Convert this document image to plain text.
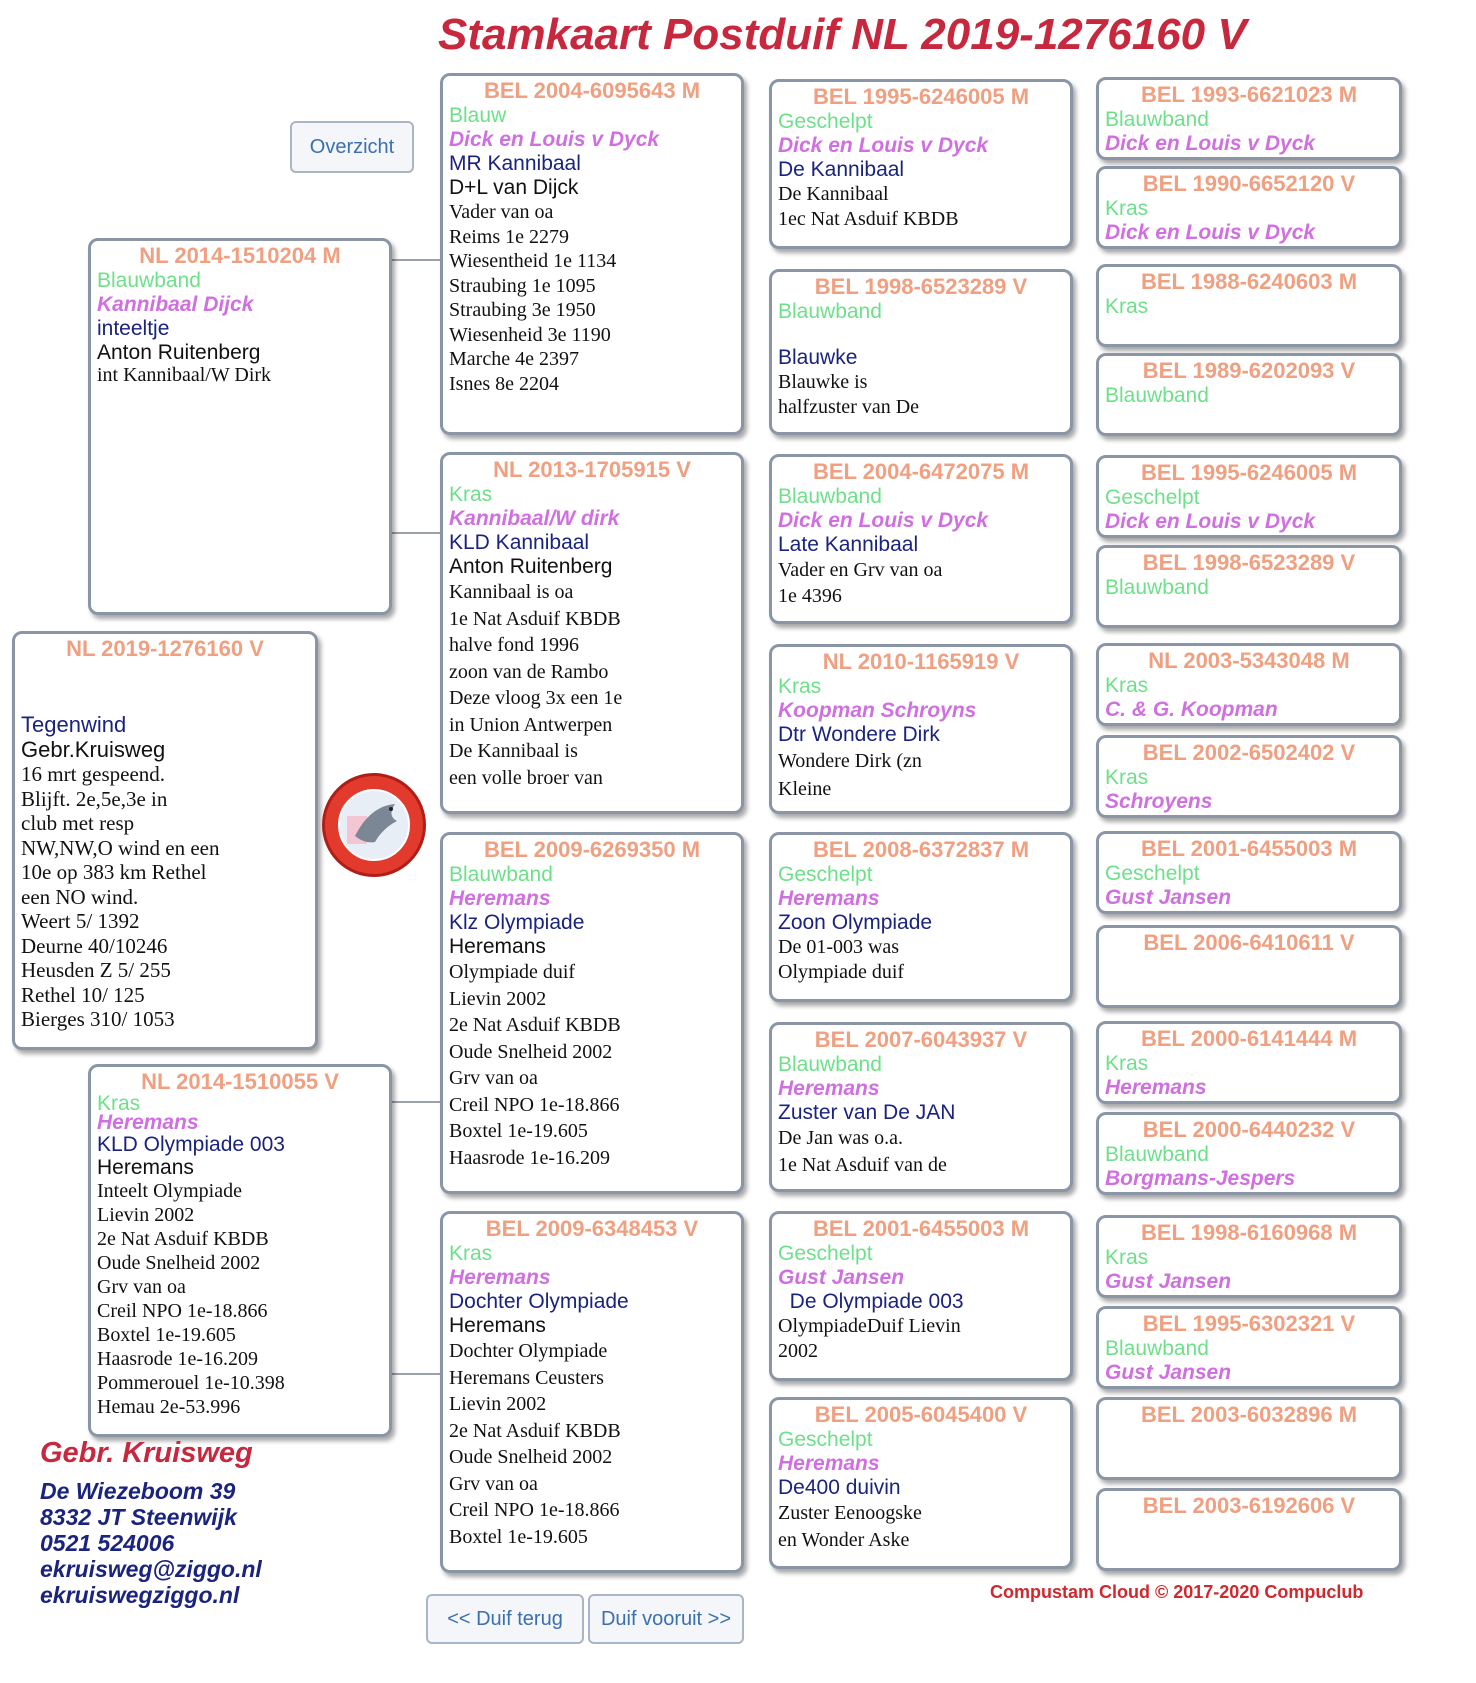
Stamkaart Postduif NL 2019-1276160 V
Overzicht
NL 2019-1276160 V
Tegenwind
Gebr.Kruisweg
16 mrt gespeend.
Blijft. 2e,5e,3e in
club met resp
NW,NW,O wind en een
10e op 383 km Rethel
een NO wind.
Weert 5/ 1392
Deurne 40/10246
Heusden Z 5/ 255
Rethel 10/ 125
Bierges 310/ 1053
NL 2014-1510204 M
Blauwband
Kannibaal Dijck
inteeltje
Anton Ruitenberg
int Kannibaal/W Dirk
NL 2014-1510055 V
Kras
Heremans
KLD Olympiade 003
Heremans
Inteelt Olympiade
Lievin 2002
2e Nat Asduif KBDB
Oude Snelheid 2002
Grv van oa
Creil NPO 1e-18.866
Boxtel 1e-19.605
Haasrode 1e-16.209
Pommerouel 1e-10.398
Hemau 2e-53.996
BEL 2004-6095643 M
Blauw
Dick en Louis v Dyck
MR Kannibaal
D+L van Dijck
Vader van oa
Reims 1e 2279
Wiesentheid 1e 1134
Straubing 1e 1095
Straubing 3e 1950
Wiesenheid 3e 1190
Marche 4e 2397
Isnes 8e 2204
NL 2013-1705915 V
Kras
Kannibaal/W dirk
KLD Kannibaal
Anton Ruitenberg
Kannibaal is oa
1e Nat Asduif KBDB
halve fond 1996
zoon van de Rambo
Deze vloog 3x een 1e
in Union Antwerpen
De Kannibaal is
een volle broer van
BEL 2009-6269350 M
Blauwband
Heremans
Klz Olympiade
Heremans
Olympiade duif
Lievin 2002
2e Nat Asduif KBDB
Oude Snelheid 2002
Grv van oa
Creil NPO 1e-18.866
Boxtel 1e-19.605
Haasrode 1e-16.209
BEL 2009-6348453 V
Kras
Heremans
Dochter Olympiade
Heremans
Dochter Olympiade
Heremans Ceusters
Lievin 2002
2e Nat Asduif KBDB
Oude Snelheid 2002
Grv van oa
Creil NPO 1e-18.866
Boxtel 1e-19.605
BEL 1995-6246005 M
Geschelpt
Dick en Louis v Dyck
De Kannibaal
De Kannibaal
1ec Nat Asduif KBDB
BEL 1998-6523289 V
Blauwband
Blauwke
Blauwke is
halfzuster van De
BEL 2004-6472075 M
Blauwband
Dick en Louis v Dyck
Late Kannibaal
Vader en Grv van oa
1e 4396
NL 2010-1165919 V
Kras
Koopman Schroyns
Dtr Wondere Dirk
Wondere Dirk (zn
Kleine
BEL 2008-6372837 M
Geschelpt
Heremans
Zoon Olympiade
De 01-003 was
Olympiade duif
BEL 2007-6043937 V
Blauwband
Heremans
Zuster van De JAN
De Jan was o.a.
1e Nat Asduif van de
BEL 2001-6455003 M
Geschelpt
Gust Jansen
De Olympiade 003
OlympiadeDuif Lievin
2002
BEL 2005-6045400 V
Geschelpt
Heremans
De400 duivin
Zuster Eenoogske
en Wonder Aske
BEL 1993-6621023 M
Blauwband
Dick en Louis v Dyck
BEL 1990-6652120 V
Kras
Dick en Louis v Dyck
BEL 1988-6240603 M
Kras
BEL 1989-6202093 V
Blauwband
BEL 1995-6246005 M
Geschelpt
Dick en Louis v Dyck
BEL 1998-6523289 V
Blauwband
NL 2003-5343048 M
Kras
C. & G. Koopman
BEL 2002-6502402 V
Kras
Schroyens
BEL 2001-6455003 M
Geschelpt
Gust Jansen
BEL 2006-6410611 V
BEL 2000-6141444 M
Kras
Heremans
BEL 2000-6440232 V
Blauwband
Borgmans-Jespers
BEL 1998-6160968 M
Kras
Gust Jansen
BEL 1995-6302321 V
Blauwband
Gust Jansen
BEL 2003-6032896 M
BEL 2003-6192606 V
Gebr. Kruisweg
De Wiezeboom 39
8332 JT Steenwijk
0521 524006
ekruisweg@ziggo.nl
ekruiswegziggo.nl
<< Duif terug	Duif vooruit >>
Compustam Cloud © 2017-2020 Compuclub
